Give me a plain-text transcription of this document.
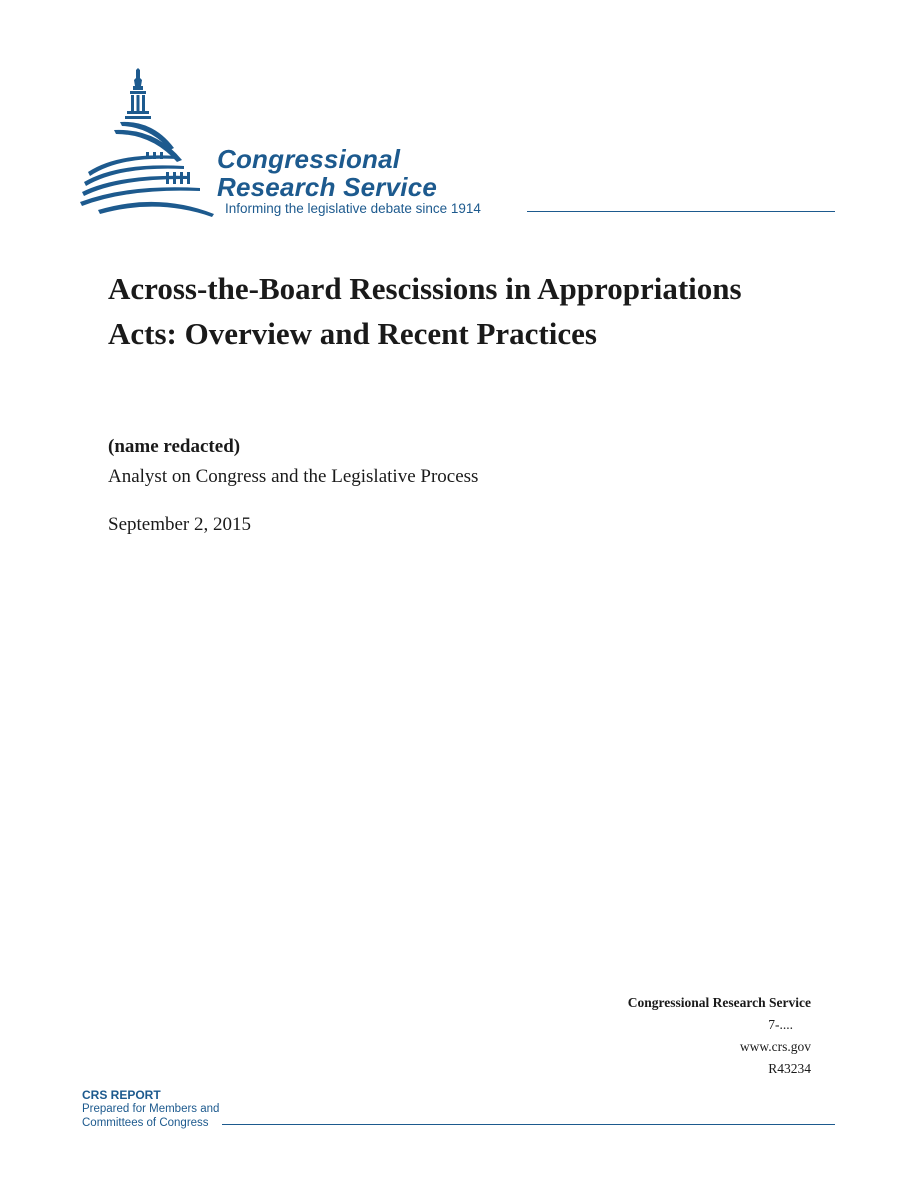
Congressional
Research Service
Informing the legislative debate since 1914
Across-the-Board Rescissions in Appropriations Acts: Overview and Recent Practices
(name redacted)
Analyst on Congress and the Legislative Process
September 2, 2015
Congressional Research Service
7-....
www.crs.gov
R43234
CRS REPORT
Prepared for Members and
Committees of Congress
